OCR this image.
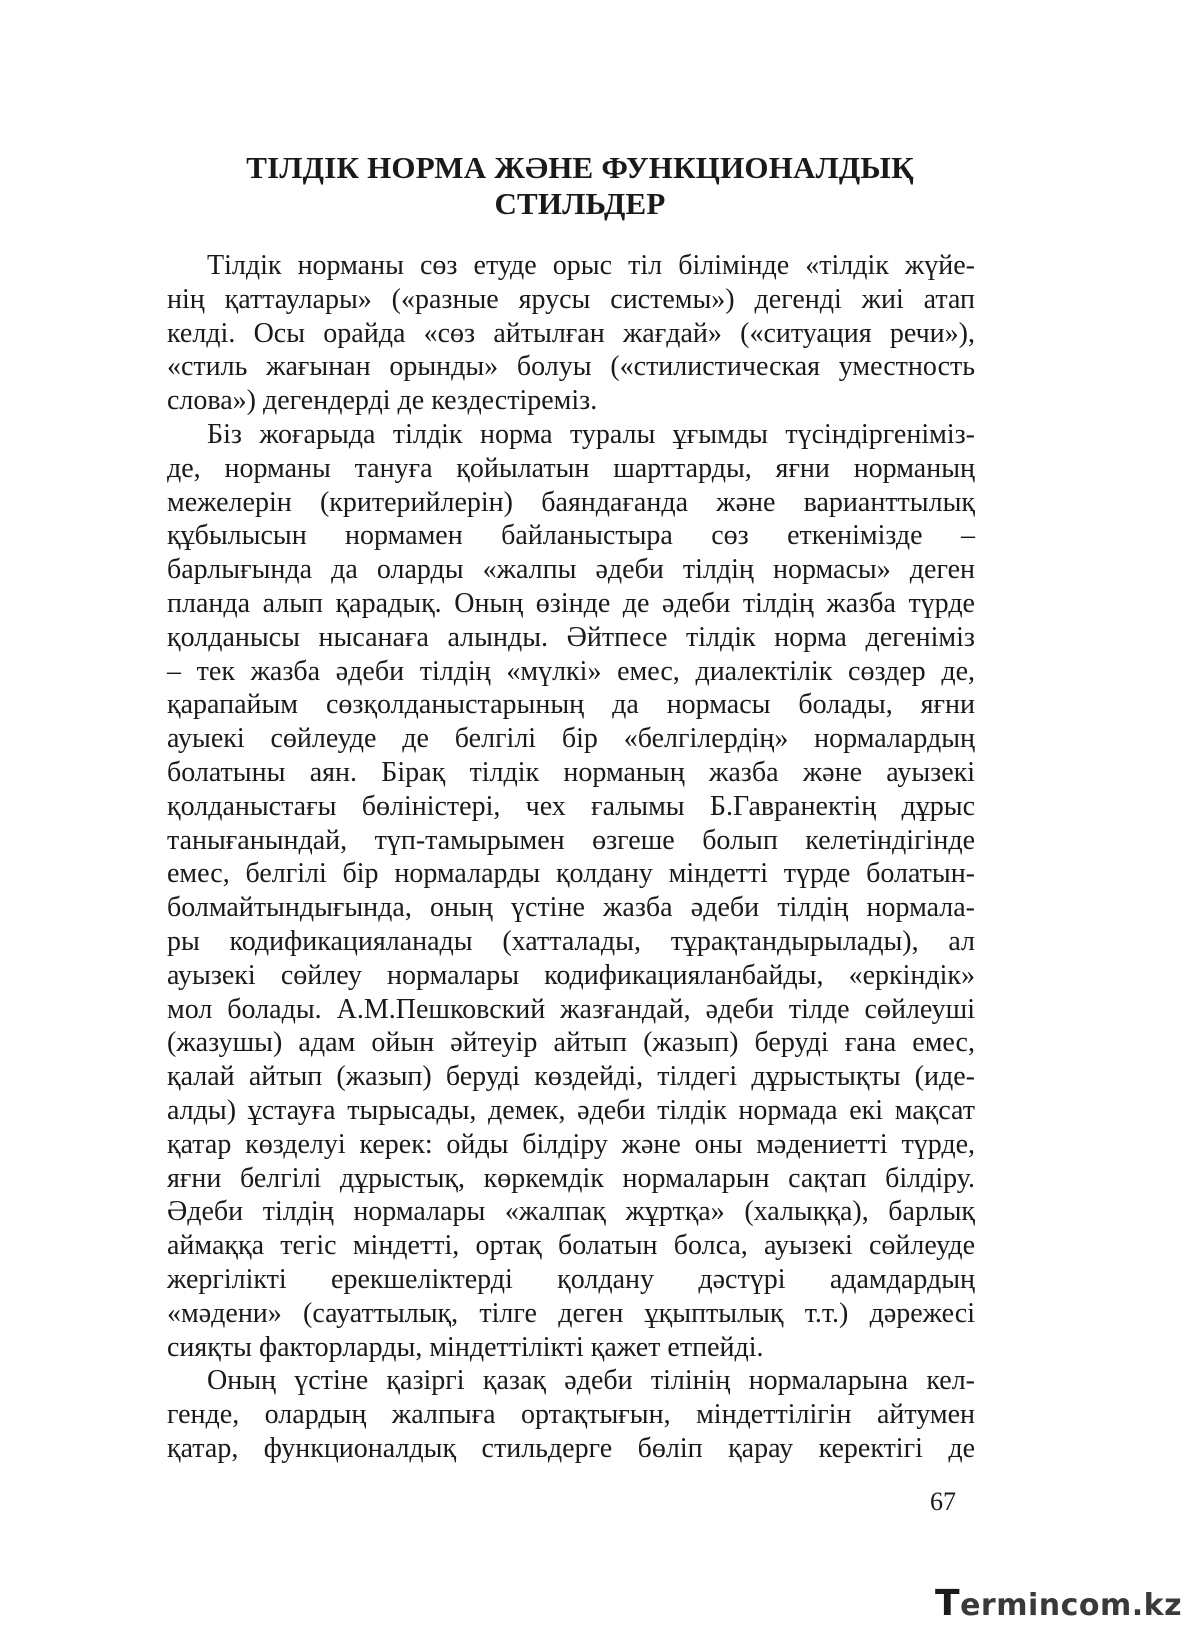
ТІЛДІК НОРМА ЖӘНЕ ФУНКЦИОНАЛДЫҚ
СТИЛЬДЕР
Тілдік норманы сөз етуде орыс тіл білімінде «тілдік жүйе-
нің қаттаулары» («разные ярусы системы») дегенді жиі атап
келді. Осы орайда «сөз айтылған жағдай» («ситуация речи»),
«стиль жағынан орынды» болуы («стилистическая уместность
слова») дегендерді де кездестіреміз.
Біз жоғарыда тілдік норма туралы ұғымды түсіндіргеніміз-
де, норманы тануға қойылатын шарттарды, яғни норманың
межелерін (критерийлерін) баяндағанда және варианттылық
құбылысын нормамен байланыстыра сөз еткенімізде –
барлығында да оларды «жалпы әдеби тілдің нормасы» деген
планда алып қарадық. Оның өзінде де әдеби тілдің жазба түрде
қолданысы нысанаға алынды. Әйтпесе тілдік норма дегеніміз
– тек жазба әдеби тілдің «мүлкі» емес, диалектілік сөздер де,
қарапайым сөзқолданыстарының да нормасы болады, яғни
ауыекі сөйлеуде де белгілі бір «белгілердің» нормалардың
болатыны аян. Бірақ тілдік норманың жазба және ауызекі
қолданыстағы бөліністері, чех ғалымы Б.Гавранектің дұрыс
танығанындай, түп-тамырымен өзгеше болып келетіндігінде
емес, белгілі бір нормаларды қолдану міндетті түрде болатын-
болмайтындығында, оның үстіне жазба әдеби тілдің нормала-
ры кодификацияланады (хатталады, тұрақтандырылады), ал
ауызекі сөйлеу нормалары кодификацияланбайды, «еркіндік»
мол болады. А.М.Пешковский жазғандай, әдеби тілде сөйлеуші
(жазушы) адам ойын әйтеуір айтып (жазып) беруді ғана емес,
қалай айтып (жазып) беруді көздейді, тілдегі дұрыстықты (иде-
алды) ұстауға тырысады, демек, әдеби тілдік нормада екі мақсат
қатар көзделуі керек: ойды білдіру және оны мәдениетті түрде,
яғни белгілі дұрыстық, көркемдік нормаларын сақтап білдіру.
Әдеби тілдің нормалары «жалпақ жұртқа» (халыққа), барлық
аймаққа тегіс міндетті, ортақ болатын болса, ауызекі сөйлеуде
жергілікті ерекшеліктерді қолдану дәстүрі адамдардың
«мәдени» (сауаттылық, тілге деген ұқыптылық т.т.) дәрежесі
сияқты факторларды, міндеттілікті қажет етпейді.
Оның үстіне қазіргі қазақ әдеби тілінің нормаларына кел-
генде, олардың жалпыға ортақтығын, міндеттілігін айтумен
қатар, функционалдық стильдерге бөліп қарау керектігі де
67
Termincom.kz
